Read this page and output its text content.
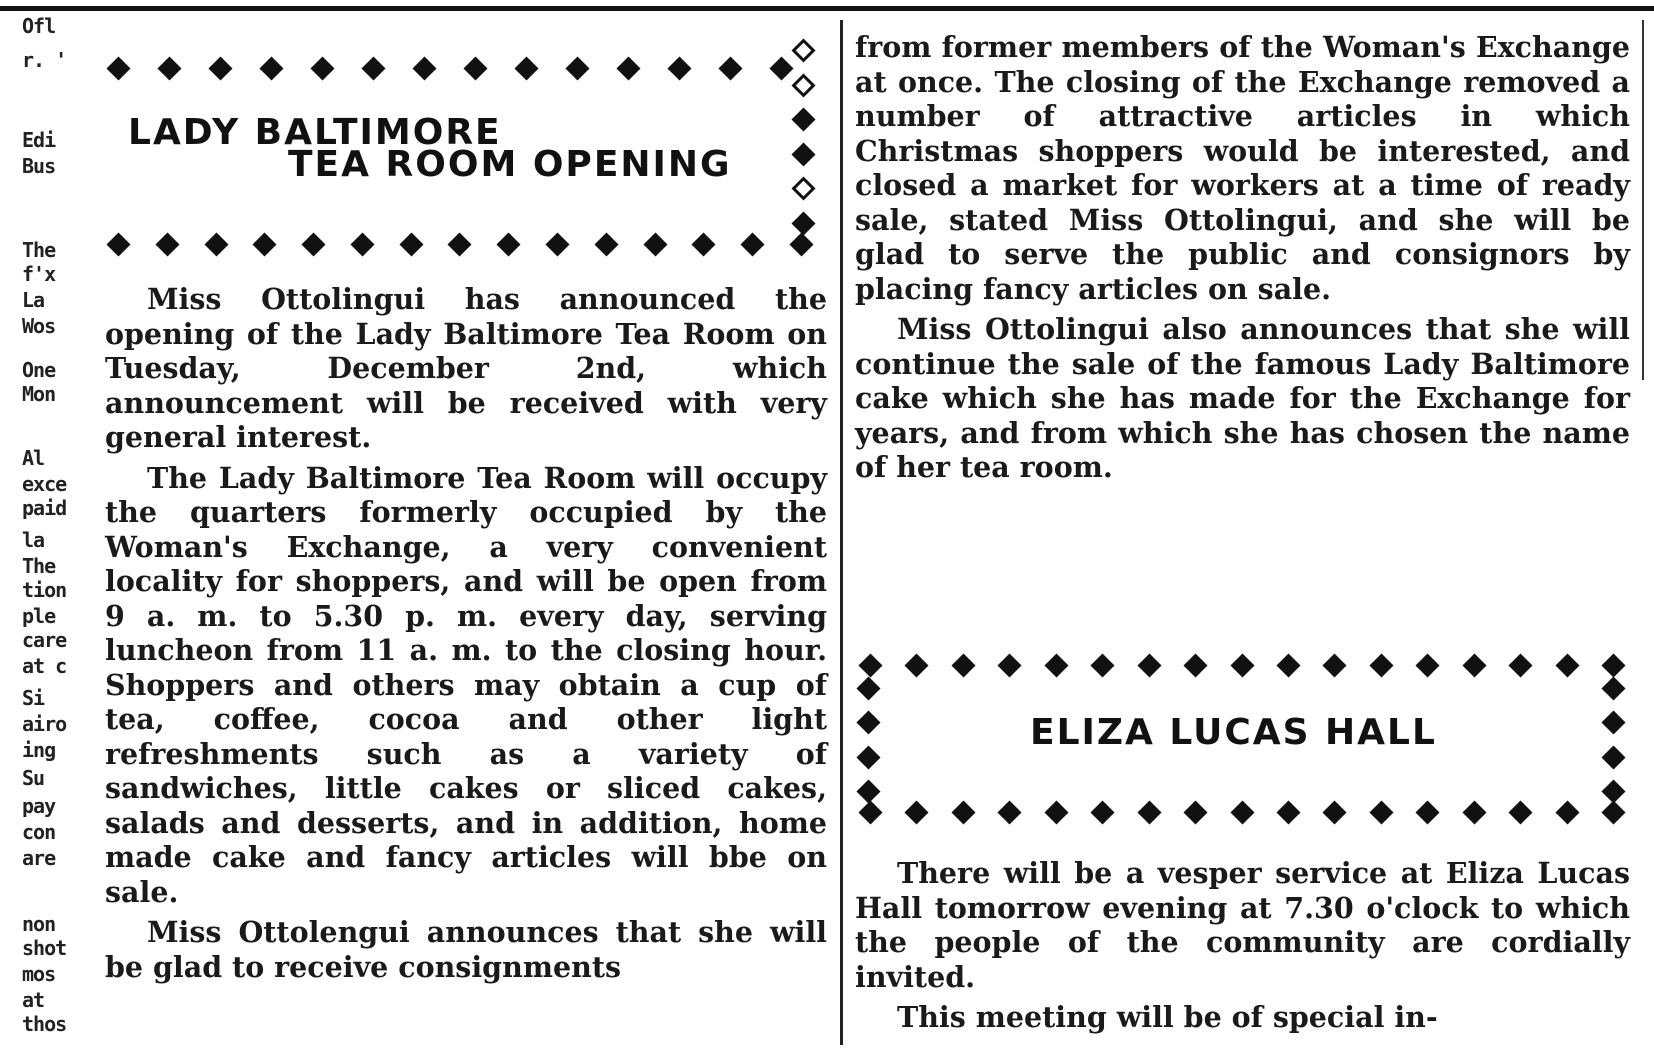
Ofl
r. '
Edi
Bus
The
f'x
La
Wos
One
Mon
Al
exce
paid
la
The
tion
ple
care
at c
Si
airo
ing
Su
pay
con
are
non
shot
mos
at
thos
LADY BALTIMORE
TEA ROOM OPENING

Miss Ottolingui has announced the opening of the Lady Baltimore Tea Room on Tuesday, December 2nd, which announcement will be received with very general interest.

The Lady Baltimore Tea Room will occupy the quarters formerly occupied by the Woman's Exchange, a very convenient locality for shoppers, and will be open from 9 a. m. to 5.30 p. m. every day, serving luncheon from 11 a. m. to the closing hour. Shoppers and others may obtain a cup of tea, coffee, cocoa and other light refreshments such as a variety of sandwiches, little cakes or sliced cakes, salads and desserts, and in addition, home made cake and fancy articles will bbe on sale.

Miss Ottolengui announces that she will be glad to receive consignments

from former members of the Woman's Exchange at once. The closing of the Exchange removed a number of attractive articles in which Christmas shoppers would be interested, and closed a market for workers at a time of ready sale, stated Miss Ottolingui, and she will be glad to serve the public and consignors by placing fancy articles on sale.

Miss Ottolingui also announces that she will continue the sale of the famous Lady Baltimore cake which she has made for the Exchange for years, and from which she has chosen the name of her tea room.

ELIZA LUCAS HALL

There will be a vesper service at Eliza Lucas Hall tomorrow evening at 7.30 o'clock to which the people of the community are cordially invited.

This meeting will be of special in-
